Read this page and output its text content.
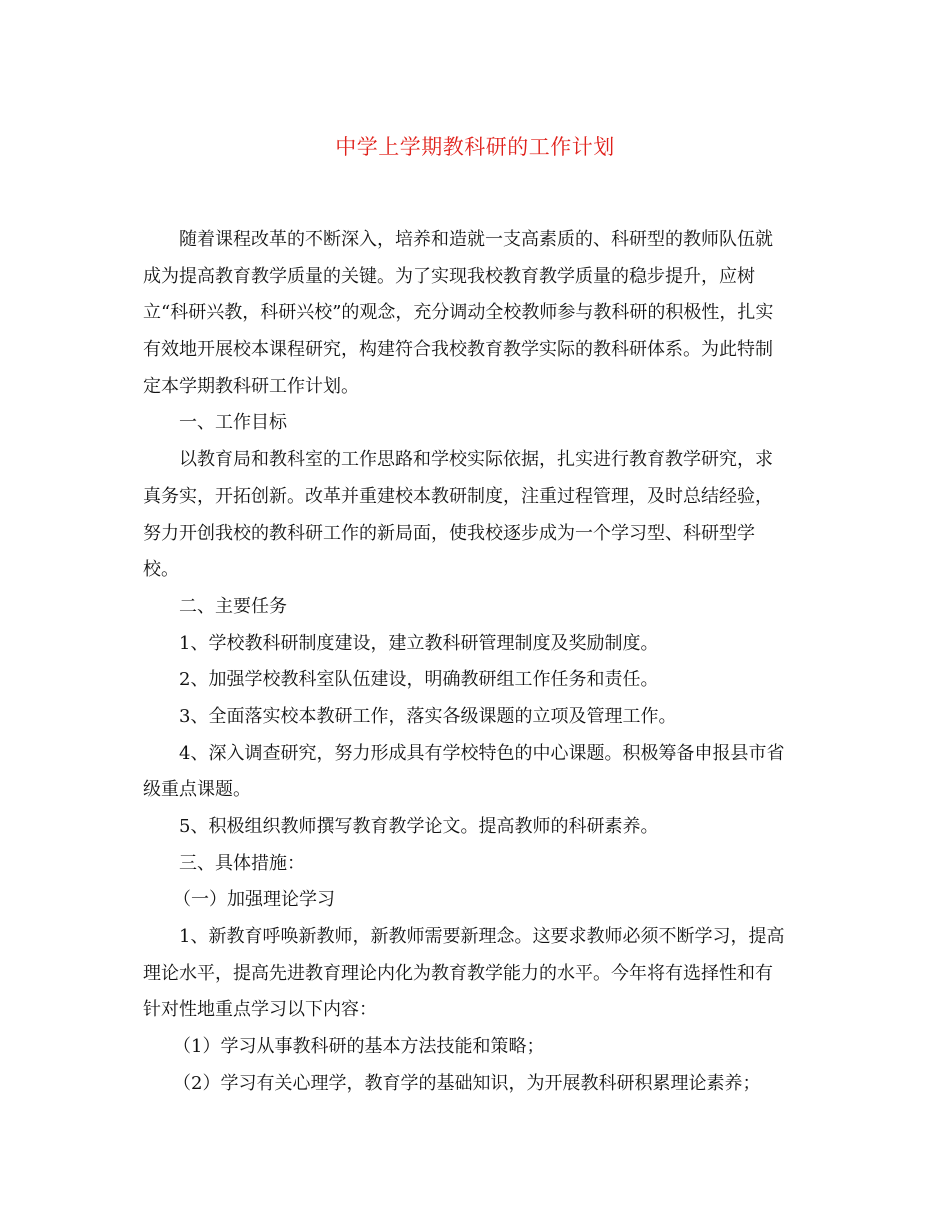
中学上学期教科研的工作计划
随着课程改革的不断深入，培养和造就一支高素质的、科研型的教师队伍就
成为提高教育教学质量的关键。为了实现我校教育教学质量的稳步提升，应树
立“科研兴教，科研兴校”的观念，充分调动全校教师参与教科研的积极性，扎实
有效地开展校本课程研究，构建符合我校教育教学实际的教科研体系。为此特制
定本学期教科研工作计划。
一、工作目标
以教育局和教科室的工作思路和学校实际依据，扎实进行教育教学研究，求
真务实，开拓创新。改革并重建校本教研制度，注重过程管理，及时总结经验，
努力开创我校的教科研工作的新局面，使我校逐步成为一个学习型、科研型学
校。
二、主要任务
1、学校教科研制度建设，建立教科研管理制度及奖励制度。
2、加强学校教科室队伍建设，明确教研组工作任务和责任。
3、全面落实校本教研工作，落实各级课题的立项及管理工作。
4、深入调查研究，努力形成具有学校特色的中心课题。积极筹备申报县市省
级重点课题。
5、积极组织教师撰写教育教学论文。提高教师的科研素养。
三、具体措施：
（一）加强理论学习
1、新教育呼唤新教师，新教师需要新理念。这要求教师必须不断学习，提高
理论水平，提高先进教育理论内化为教育教学能力的水平。今年将有选择性和有
针对性地重点学习以下内容：
（1）学习从事教科研的基本方法技能和策略；
（2）学习有关心理学，教育学的基础知识，为开展教科研积累理论素养；
